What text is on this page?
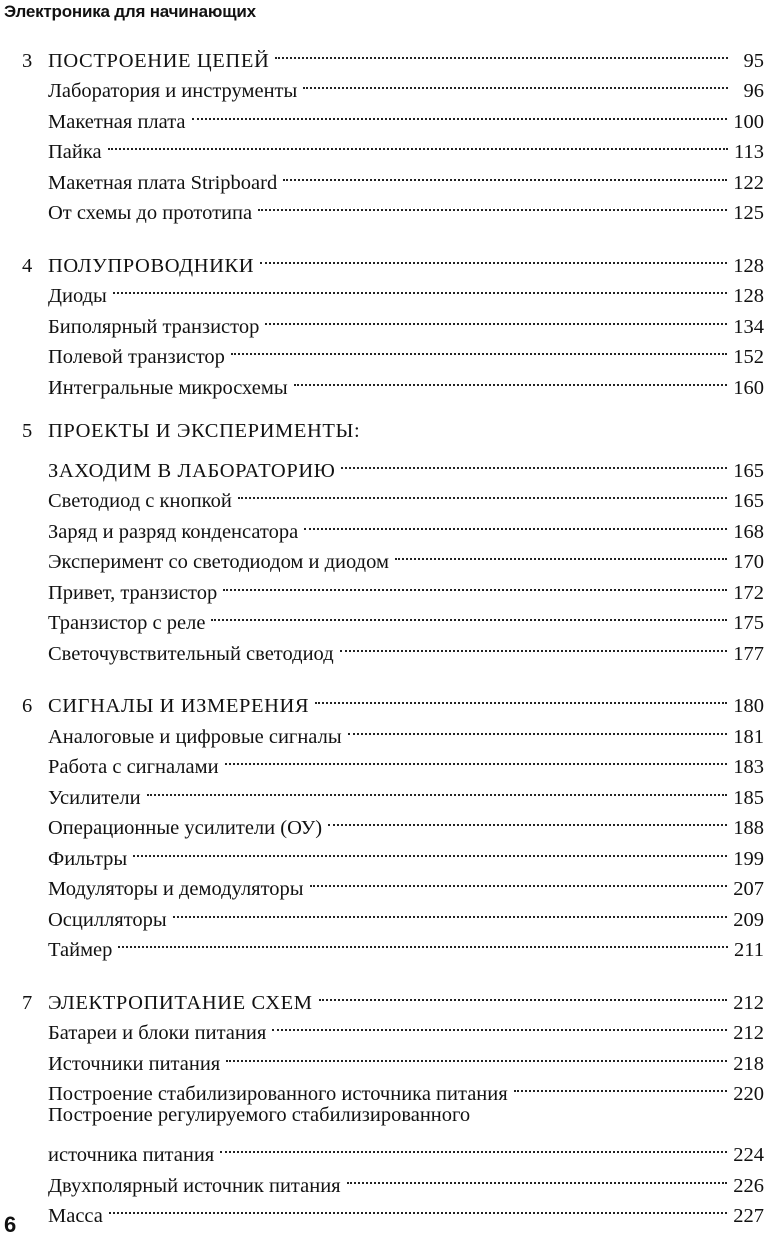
Электроника для начинающих
3 ПОСТРОЕНИЕ ЦЕПЕЙ	95
Лаборатория и инструменты	96
Макетная плата	100
Пайка	113
Макетная плата Stripboard	122
От схемы до прототипа	125
4 ПОЛУПРОВОДНИКИ	128
Диоды	128
Биполярный транзистор	134
Полевой транзистор	152
Интегральные микросхемы	160
5 ПРОЕКТЫ И ЭКСПЕРИМЕНТЫ:
ЗАХОДИМ В ЛАБОРАТОРИЮ	165
Светодиод с кнопкой	165
Заряд и разряд конденсатора	168
Эксперимент со светодиодом и диодом	170
Привет, транзистор	172
Транзистор с реле	175
Светочувствительный светодиод	177
6 СИГНАЛЫ И ИЗМЕРЕНИЯ	180
Аналоговые и цифровые сигналы	181
Работа с сигналами	183
Усилители	185
Операционные усилители (ОУ)	188
Фильтры	199
Модуляторы и демодуляторы	207
Осцилляторы	209
Таймер	211
7 ЭЛЕКТРОПИТАНИЕ СХЕМ	212
Батареи и блоки питания	212
Источники питания	218
Построение стабилизированного источника питания	220
Построение регулируемого стабилизированного
источника питания	224
Двухполярный источник питания	226
Масса	227
6
